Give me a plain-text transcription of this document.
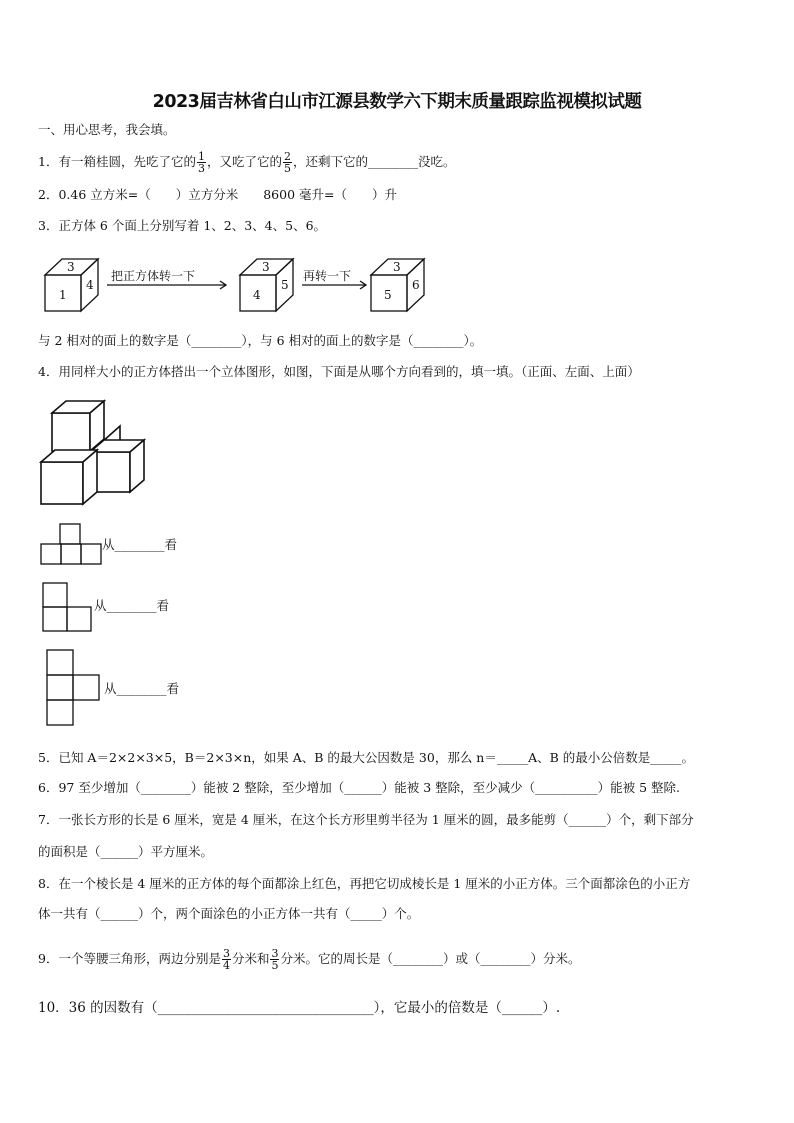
2023届吉林省白山市江源县数学六下期末质量跟踪监视模拟试题
一、用心思考，我会填。
1．有一箱桂圆，先吃了它的 $\frac{1}{3}$ ，又吃了它的 $\frac{2}{5}$ ，还剩下它的________没吃。
2．0.46 立方米=（　　）立方分米　　8600 毫升=（　　）升
3．正方体 6 个面上分别写着 1、2、3、4、5、6。
3
1
4
把正方体转一下
3
4
5
再转一下
3
5
6
与 2 相对的面上的数字是（________），与 6 相对的面上的数字是（________）。
4．用同样大小的正方体搭出一个立体图形，如图，下面是从哪个方向看到的，填一填。（正面、左面、上面）
从________看
从________看
从________看
5．已知 A＝2×2×3×5，B＝2×3×n，如果 A、B 的最大公因数是 30，那么 n＝_____A、B 的最小公倍数是_____。
6．97 至少增加（________）能被 2 整除，至少增加（______）能被 3 整除，至少减少（__________）能被 5 整除.
7．一张长方形的长是 6 厘米，宽是 4 厘米，在这个长方形里剪半径为 1 厘米的圆，最多能剪（______）个，剩下部分
的面积是（______）平方厘米。
8．在一个棱长是 4 厘米的正方体的每个面都涂上红色，再把它切成棱长是 1 厘米的小正方体。三个面都涂色的小正方
体一共有（______）个，两个面涂色的小正方体一共有（_____）个。
9．一个等腰三角形，两边分别是 $\frac{3}{4}$ 分米和 $\frac{3}{5}$ 分米。它的周长是（________）或（________）分米。
10．36 的因数有（________________________________），它最小的倍数是（______）.
